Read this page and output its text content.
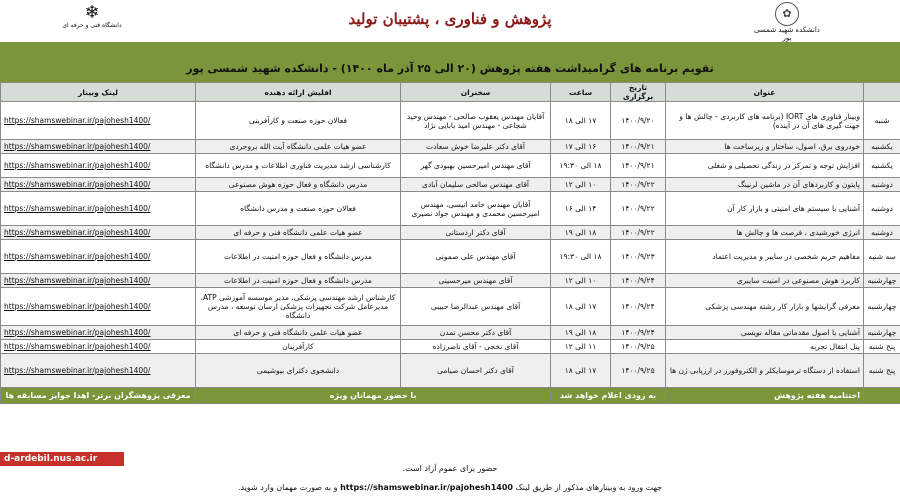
❄
دانشگاه فنی و حرفه ای	پژوهش و فناوری ، پشتیبان تولید	✿
دانشکده شهید شمسی پور
تقویم برنامه های گرامیداشت هفته پژوهش (۲۰ الی ۲۵ آذر ماه ۱۴۰۰) - دانشکده شهید شمسی پور
	عنوان	تاریخ برگزاری	ساعت	سخنران	افلیش ارائه دهنده	لینک وبینار
شنبه	وبینار فناوری های IORT (برنامه های کاربردی - چالش ها و جهت گیری های آن در آینده)	۱۴۰۰/۹/۲۰	۱۷ الی ۱۸	آقایان مهندس یعقوب صالحی - مهندس وحید شجاعی - مهندس امید بابایی نژاد	فعالان حوزه صنعت و کارآفرینی	https://shamswebinar.ir/pajohesh1400/
یکشنبه	خودروی برق، اصول، ساختار و زیرساخت ها	۱۴۰۰/۹/۲۱	۱۶ الی ۱۷	آقای دکتر علیرضا خوش سعادت	عضو هیات علمی دانشگاه آیت الله بروجردی	https://shamswebinar.ir/pajohesh1400/
یکشنبه	افزایش توجه و تمرکز در زندگی تحصیلی و شغلی	۱۴۰۰/۹/۲۱	۱۸ الی ۱۹:۳۰	آقای مهندس امیرحسین بهبودی گهر	کارشناسی ارشد مدیریت فناوری اطلاعات و مدرس دانشگاه	https://shamswebinar.ir/pajohesh1400/
دوشنبه	پایتون و کاربردهای آن در ماشین لرنینگ	۱۴۰۰/۹/۲۲	۱۰ الی ۱۲	آقای مهندس صالحی سلیمان آبادی	مدرس دانشگاه و فعال حوزه هوش مصنوعی	https://shamswebinar.ir/pajohesh1400/
دوشنبه	آشنایی با سیستم های امنیتی و بازار کار آن	۱۴۰۰/۹/۲۲	۱۴ الی ۱۶	آقایان مهندس حامد انیسی، مهندس امیرحسین محمدی و مهندس جواد نصیری	فعالان حوزه صنعت و مدرس دانشگاه	https://shamswebinar.ir/pajohesh1400/
دوشنبه	انرژی خورشیدی ، فرصت ها و چالش ها	۱۴۰۰/۹/۲۲	۱۸ الی ۱۹	آقای دکتر اردستانی	عضو هیات علمی دانشگاه فنی و حرفه ای	https://shamswebinar.ir/pajohesh1400/
سه شنبه	مفاهیم حریم شخصی در سایبر و مدیریت اعتماد	۱۴۰۰/۹/۲۳	۱۸ الی ۱۹:۳۰	آقای مهندس علی صمونی	مدرس دانشگاه و فعال حوزه امنیت در اطلاعات	https://shamswebinar.ir/pajohesh1400/
چهارشنبه	کاربرد هوش مصنوعی در امنیت سایبری	۱۴۰۰/۹/۲۴	۱۰ الی ۱۲	آقای مهندس میرحسینی	مدرس دانشگاه و فعال حوزه امنیت در اطلاعات	https://shamswebinar.ir/pajohesh1400/
چهارشنبه	معرفی گرایشها و بازار کار رشته مهندسی پزشکی	۱۴۰۰/۹/۲۴	۱۷ الی ۱۸	آقای مهندس عبدالرضا حبیبی	کارشناس ارشد مهندسی پزشکی، مدیر موسسه آموزشی ATP، مدیرعامل شرکت تجهیزات پزشکی ارسان توسعه ، مدرس دانشگاه	https://shamswebinar.ir/pajohesh1400/
چهارشنبه	آشنایی با اصول مقدماتی مقاله نویسی	۱۴۰۰/۹/۲۴	۱۸ الی ۱۹	آقای دکتر محسن تمدن	عضو هیات علمی دانشگاه فنی و حرفه ای	https://shamswebinar.ir/pajohesh1400/
پنج شنبه	پنل انتقال تجربه	۱۴۰۰/۹/۲۵	۱۱ الی ۱۲	آقای نخجی - آقای ناصرزاده	کارآفرینان	https://shamswebinar.ir/pajohesh1400/
پنج شنبه	استفاده از دستگاه ترموسایکلر و الکتروفورز در ارزیابی ژن ها	۱۴۰۰/۹/۲۵	۱۷ الی ۱۸	آقای دکتر احسان صیامی	دانشجوی دکترای بیوشیمی	https://shamswebinar.ir/pajohesh1400/
	اختتامیه هفته پژوهش	به زودی اعلام خواهد شد		با حضور مهمانان ویژه		معرفی پژوهشگران برتر- اهدا جوایز مسابقه ها
حضور برای عموم آزاد است.
جهت ورود به وبینارهای مذکور از طریق لینک https://shamswebinar.ir/pajohesh1400 و به صورت مهمان وارد شوید.
d-ardebil.nus.ac.ir
